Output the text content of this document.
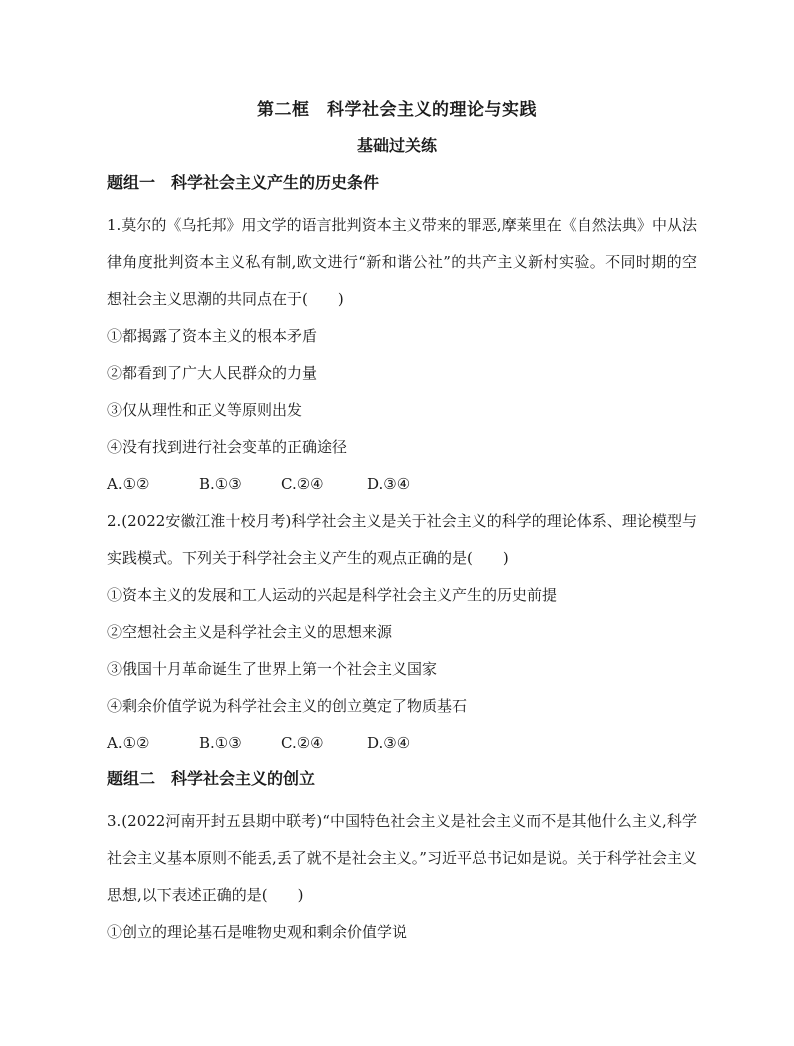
第二框　科学社会主义的理论与实践
基础过关练
题组一　科学社会主义产生的历史条件
1.莫尔的《乌托邦》用文学的语言批判资本主义带来的罪恶,摩莱里在《自然法典》中从法律角度批判资本主义私有制,欧文进行“新和谐公社”的共产主义新村实验。不同时期的空想社会主义思潮的共同点在于(　　)
①都揭露了资本主义的根本矛盾
②都看到了广大人民群众的力量
③仅从理性和正义等原则出发
④没有找到进行社会变革的正确途径
A.①②	B.①③	C.②④	D.③④
2.(2022安徽江淮十校月考)科学社会主义是关于社会主义的科学的理论体系、理论模型与实践模式。下列关于科学社会主义产生的观点正确的是(　　)
①资本主义的发展和工人运动的兴起是科学社会主义产生的历史前提
②空想社会主义是科学社会主义的思想来源
③俄国十月革命诞生了世界上第一个社会主义国家
④剩余价值学说为科学社会主义的创立奠定了物质基石
A.①②	B.①③	C.②④	D.③④
题组二　科学社会主义的创立
3.(2022河南开封五县期中联考)“中国特色社会主义是社会主义而不是其他什么主义,科学社会主义基本原则不能丢,丢了就不是社会主义。”习近平总书记如是说。关于科学社会主义思想,以下表述正确的是(　　)
①创立的理论基石是唯物史观和剩余价值学说
